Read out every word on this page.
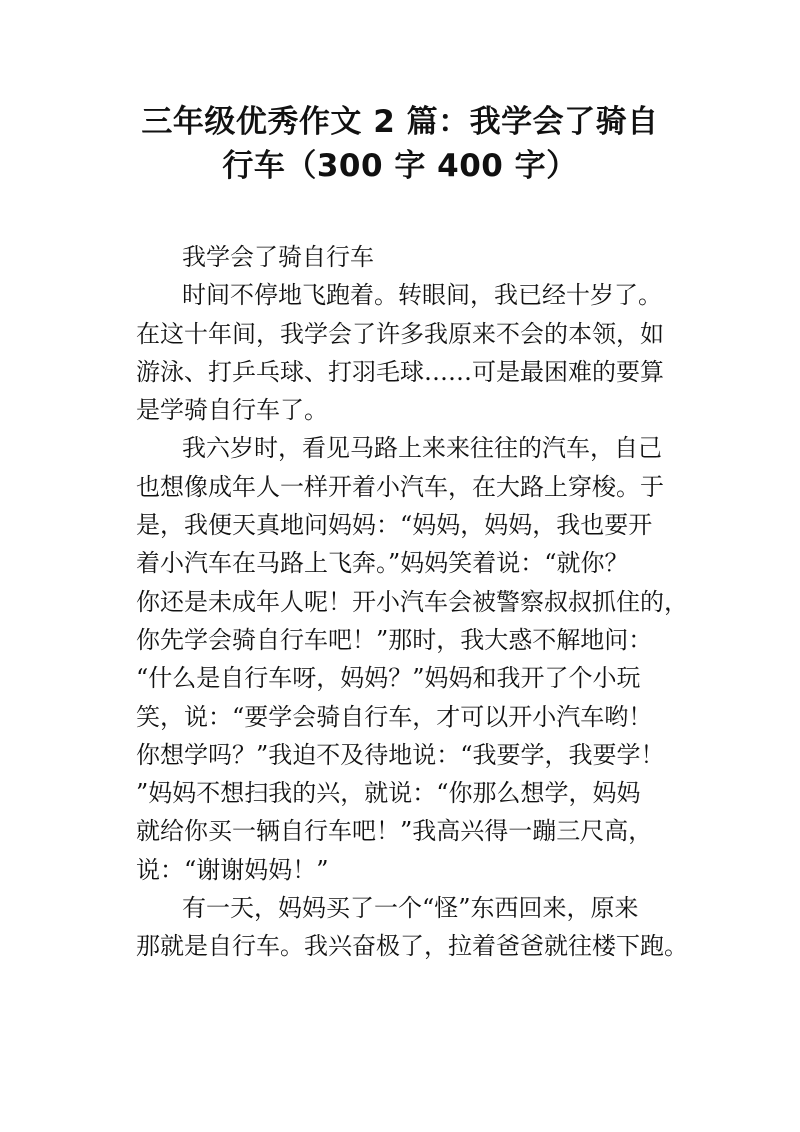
三年级优秀作文 2 篇：我学会了骑自
行车（300 字 400 字）
我学会了骑自行车
时间不停地飞跑着。转眼间，我已经十岁了。
在这十年间，我学会了许多我原来不会的本领，如
游泳、打乒乓球、打羽毛球……可是最困难的要算
是学骑自行车了。
我六岁时，看见马路上来来往往的汽车，自己
也想像成年人一样开着小汽车，在大路上穿梭。于
是，我便天真地问妈妈：“妈妈，妈妈，我也要开
着小汽车在马路上飞奔。”妈妈笑着说：“就你？
你还是未成年人呢！开小汽车会被警察叔叔抓住的，
你先学会骑自行车吧！”那时，我大惑不解地问：
“什么是自行车呀，妈妈？”妈妈和我开了个小玩
笑，说：“要学会骑自行车，才可以开小汽车哟！
你想学吗？”我迫不及待地说：“我要学，我要学！
”妈妈不想扫我的兴，就说：“你那么想学，妈妈
就给你买一辆自行车吧！”我高兴得一蹦三尺高，
说：“谢谢妈妈！”
有一天，妈妈买了一个“怪”东西回来，原来
那就是自行车。我兴奋极了，拉着爸爸就往楼下跑。
